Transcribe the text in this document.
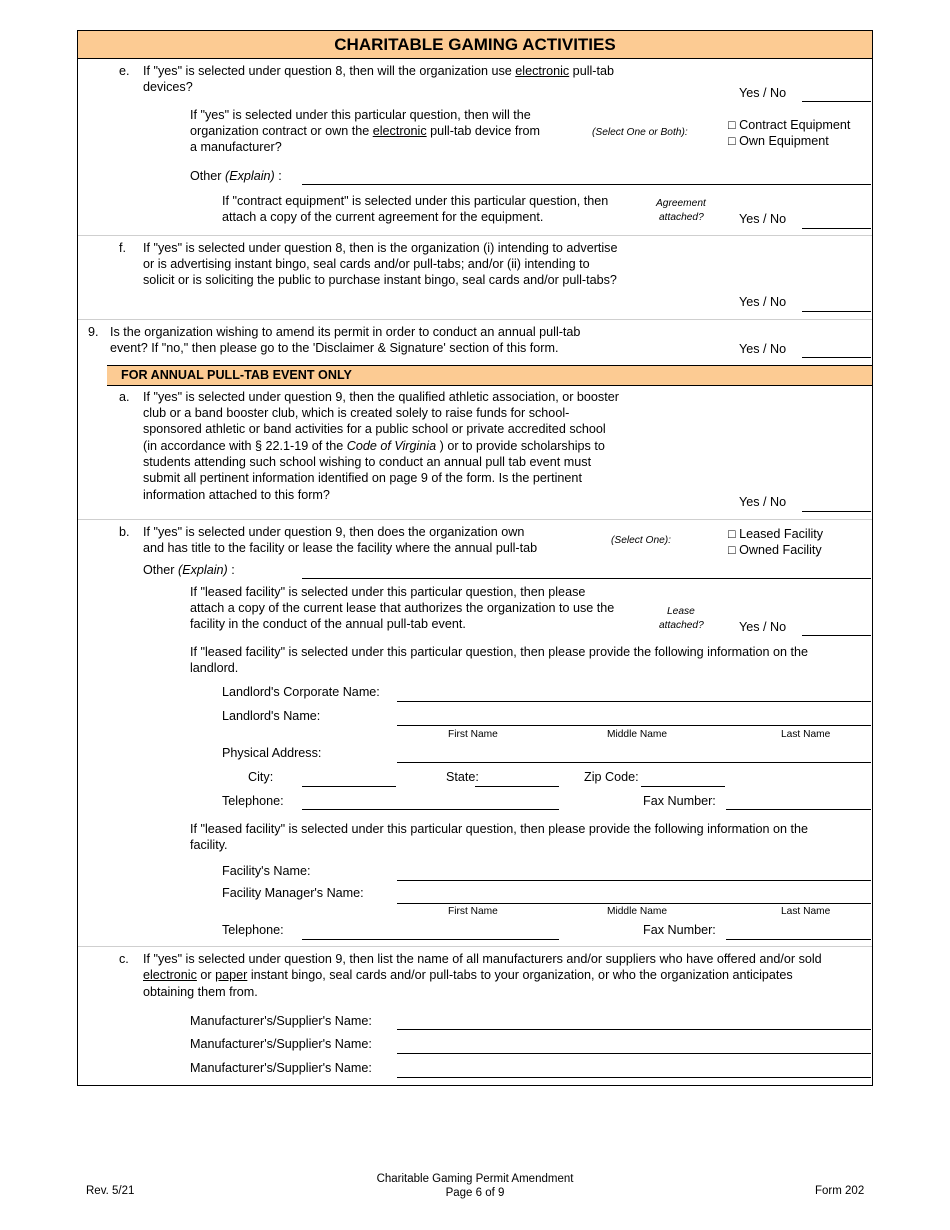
CHARITABLE GAMING ACTIVITIES
e. If "yes" is selected under question 8, then will the organization use electronic pull-tab
devices?	Yes / No
If "yes" is selected under this particular question, then will the
organization contract or own the electronic pull-tab device from
a manufacturer?
(Select One or Both):
□ Contract Equipment
□ Own Equipment
Other (Explain) :
If "contract equipment" is selected under this particular question, then
attach a copy of the current agreement for the equipment.
Agreement
attached?	Yes / No
f. If "yes" is selected under question 8, then is the organization (i) intending to advertise
or is advertising instant bingo, seal cards and/or pull-tabs; and/or (ii) intending to
solicit or is soliciting the public to purchase instant bingo, seal cards and/or pull-tabs?
Yes / No
9. Is the organization wishing to amend its permit in order to conduct an annual pull-tab
event? If "no," then please go to the 'Disclaimer & Signature' section of this form.	Yes / No
FOR ANNUAL PULL-TAB EVENT ONLY
a. If "yes" is selected under question 9, then the qualified athletic association, or booster
club or a band booster club, which is created solely to raise funds for school-
sponsored athletic or band activities for a public school or private accredited school
(in accordance with § 22.1-19 of the Code of Virginia ) or to provide scholarships to
students attending such school wishing to conduct an annual pull tab event must
submit all pertinent information identified on page 9 of the form. Is the pertinent
information attached to this form?	Yes / No
b. If "yes" is selected under question 9, then does the organization own
and has title to the facility or lease the facility where the annual pull-tab
(Select One):	□ Leased Facility
□ Owned Facility
Other (Explain) :
If "leased facility" is selected under this particular question, then please
attach a copy of the current lease that authorizes the organization to use the
facility in the conduct of the annual pull-tab event.
Lease
attached?	Yes / No
If "leased facility" is selected under this particular question, then please provide the following information on the
landlord.
Landlord's Corporate Name:
Landlord's Name:
First Name	Middle Name	Last Name
Physical Address:
City:	State:	Zip Code:
Telephone:	Fax Number:
If "leased facility" is selected under this particular question, then please provide the following information on the
facility.
Facility's Name:
Facility Manager's Name:
First Name	Middle Name	Last Name
Telephone:	Fax Number:
c. If "yes" is selected under question 9, then list the name of all manufacturers and/or suppliers who have offered and/or sold
electronic or paper instant bingo, seal cards and/or pull-tabs to your organization, or who the organization anticipates
obtaining them from.
Manufacturer's/Supplier's Name:
Manufacturer's/Supplier's Name:
Manufacturer's/Supplier's Name:
Rev. 5/21
Charitable Gaming Permit Amendment
Page 6 of 9	Form 202
